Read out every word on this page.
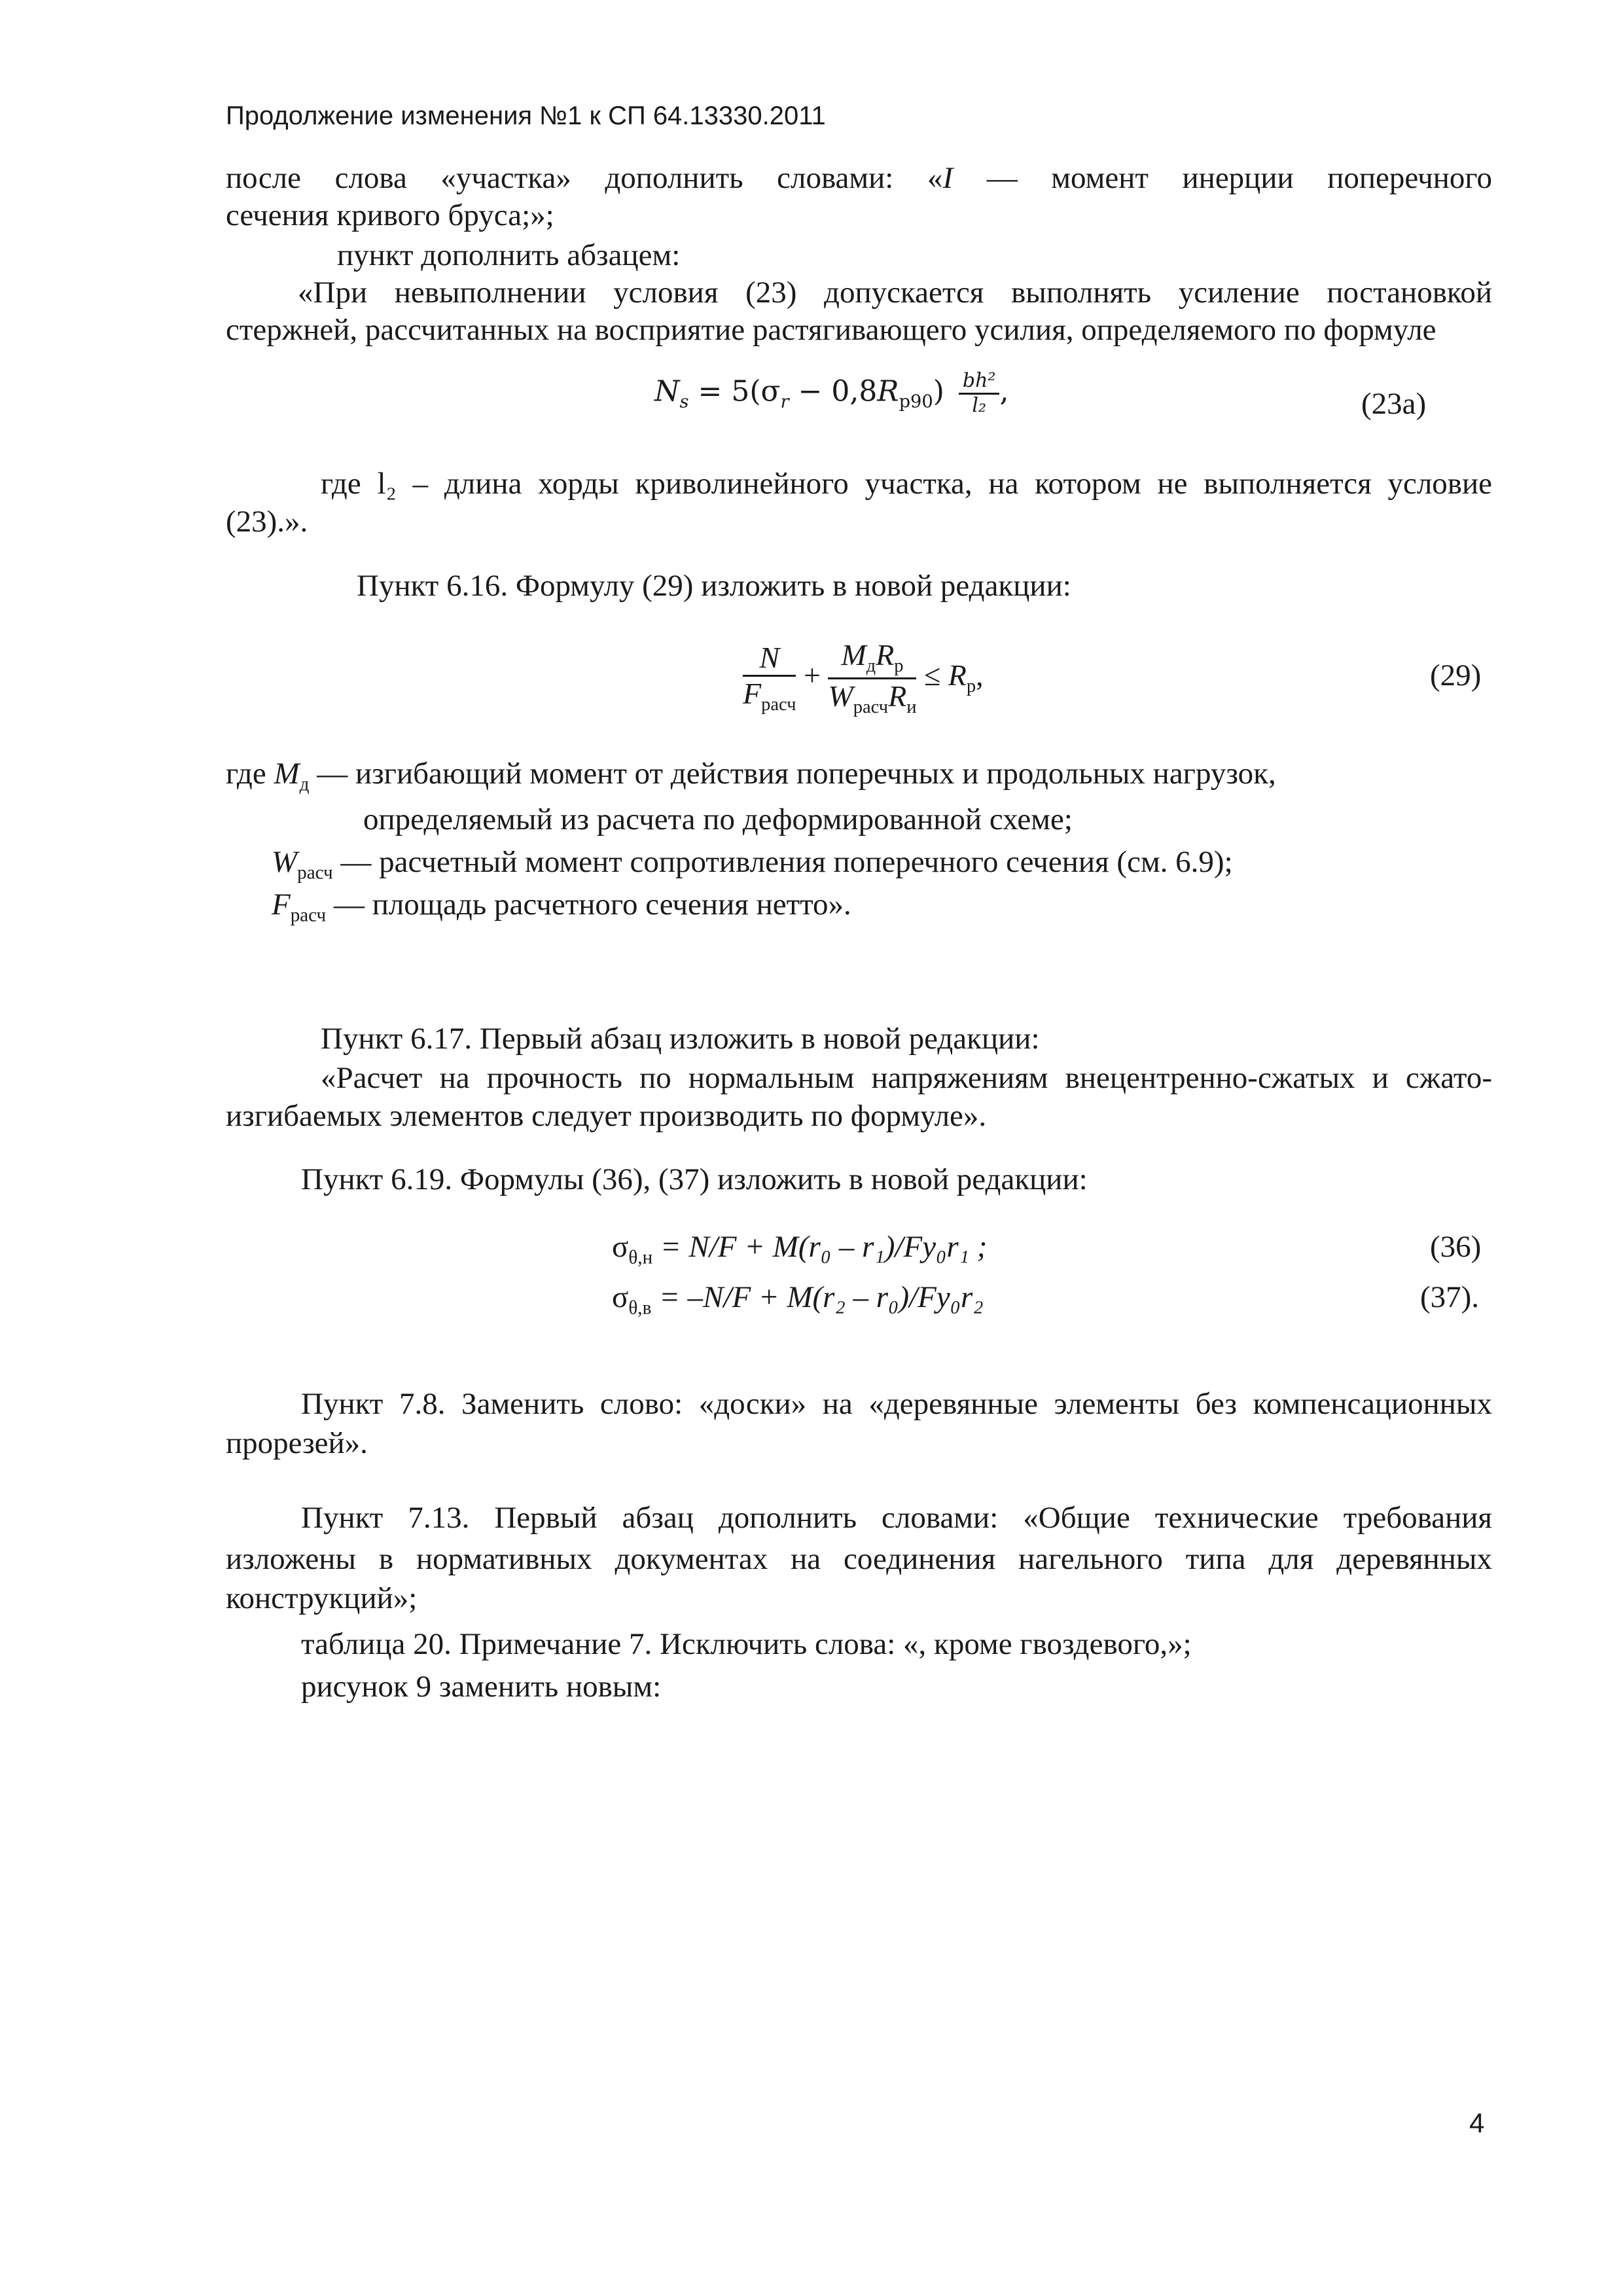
Продолжение изменения №1 к СП 64.13330.2011
после слова «участка» дополнить словами: «I — момент инерции поперечного
сечения кривого бруса;»;
пункт дополнить абзацем:
«При невыполнении условия (23) допускается выполнять усиление постановкой
стержней, рассчитанных на восприятие растягивающего усилия, определяемого по формуле
$N_s = 5(\sigma_r - 0,8R_{p90}) \frac{\text{bh²}}{\text{l₂}}$ ,	(23a)
где l₂ – длина хорды криволинейного участка, на котором не выполняется условие
(23).».
Пункт 6.16. Формулу (29) изложить в новой редакции:
$\frac{N}{F_{расч}} + \frac{M_дR_р}{W_{расч}R_и} \le R_р$,	(29)
где $M_д$ — изгибающий момент от действия поперечных и продольных нагрузок,
определяемый из расчета по деформированной схеме;
$W_{расч}$ — расчетный момент сопротивления поперечного сечения (см. 6.9);
$F_{расч}$ — площадь расчетного сечения нетто».
Пункт 6.17. Первый абзац изложить в новой редакции:
«Расчет на прочность по нормальным напряжениям внецентренно-сжатых и сжато-
изгибаемых элементов следует производить по формуле».
Пункт 6.19. Формулы (36), (37) изложить в новой редакции:
$\sigma_{\theta,н} = N/F + M(r_0 - r_1)/Fy_0r_1$ ;	(36)
$\sigma_{\theta,в} = -N/F + M(r_2 - r_0)/Fy_0r_2$	(37).
Пункт 7.8. Заменить слово: «доски» на «деревянные элементы без компенсационных
прорезей».
Пункт 7.13. Первый абзац дополнить словами: «Общие технические требования
изложены в нормативных документах на соединения нагельного типа для деревянных
конструкций»;
таблица 20. Примечание 7. Исключить слова: «, кроме гвоздевого,»;
рисунок 9 заменить новым:
4
